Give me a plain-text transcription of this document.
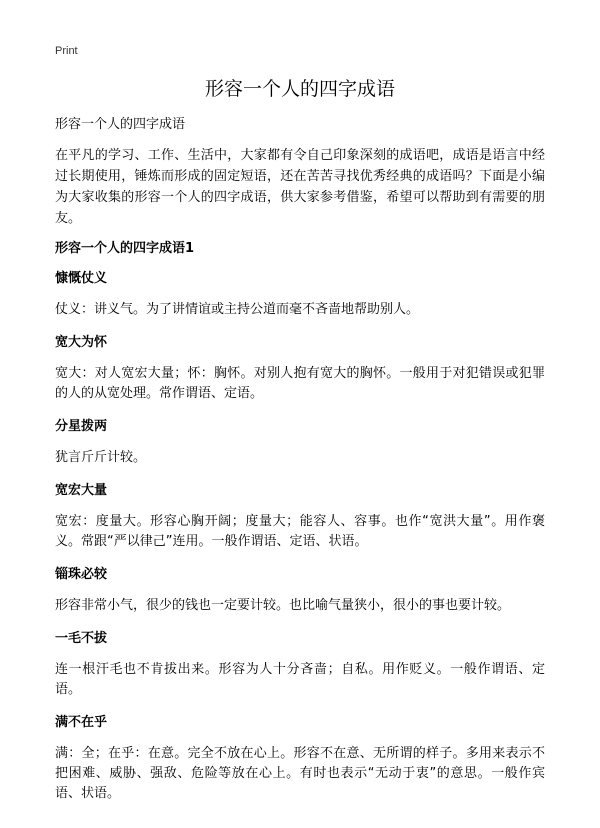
Print
形容一个人的四字成语
形容一个人的四字成语

在平凡的学习、工作、生活中，大家都有令自己印象深刻的成语吧，成语是语言中经过长期使用，锤炼而形成的固定短语，还在苦苦寻找优秀经典的成语吗？下面是小编为大家收集的形容一个人的四字成语，供大家参考借鉴，希望可以帮助到有需要的朋友。

形容一个人的四字成语1
慷慨仗义

仗义：讲义气。为了讲情谊或主持公道而毫不吝啬地帮助别人。

宽大为怀

宽大：对人宽宏大量；怀：胸怀。对别人抱有宽大的胸怀。一般用于对犯错误或犯罪的人的从宽处理。常作谓语、定语。

分星拨两

犹言斤斤计较。

宽宏大量

宽宏：度量大。形容心胸开阔；度量大；能容人、容事。也作“宽洪大量”。用作褒义。常跟“严以律己”连用。一般作谓语、定语、状语。

锱珠必较

形容非常小气，很少的钱也一定要计较。也比喻气量狭小，很小的事也要计较。

一毛不拔

连一根汗毛也不肯拔出来。形容为人十分吝啬；自私。用作贬义。一般作谓语、定语。

满不在乎

满：全；在乎：在意。完全不放在心上。形容不在意、无所谓的样子。多用来表示不把困难、威胁、强敌、危险等放在心上。有时也表示“无动于衷”的意思。一般作宾语、状语。
